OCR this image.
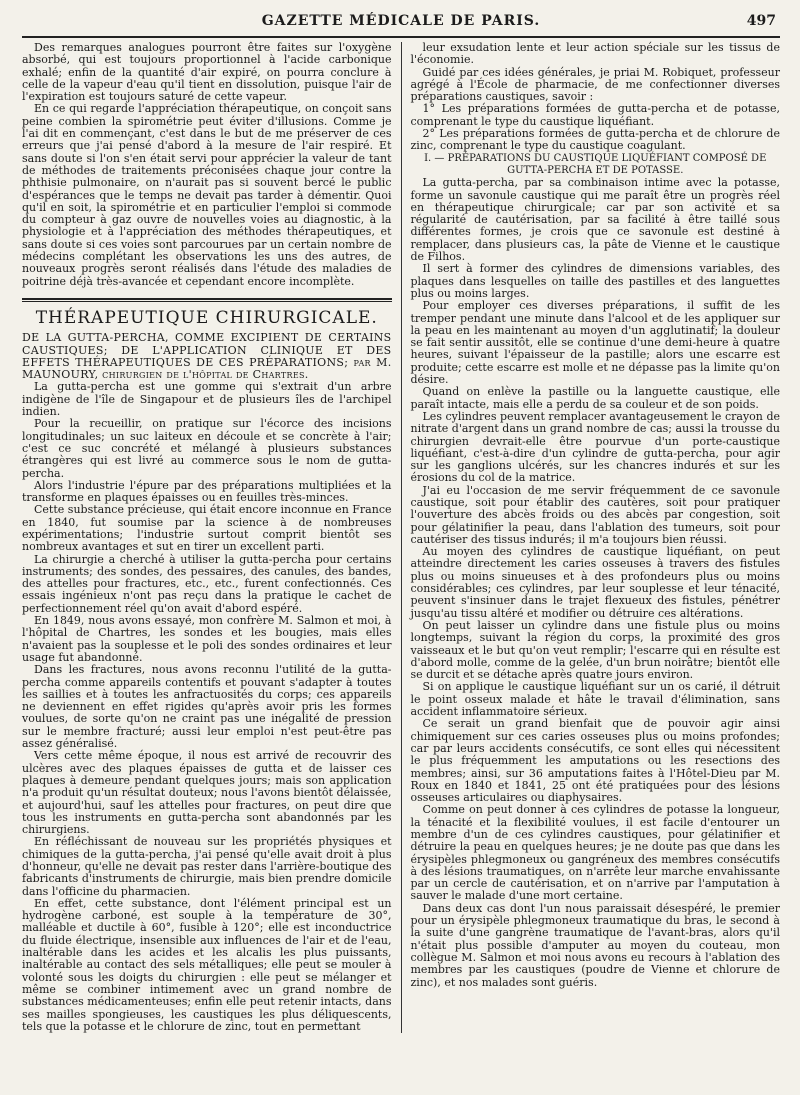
GAZETTE MÉDICALE DE PARIS.	497

Des remarques analogues pourront être faites sur l'oxygène absorbé, qui est toujours proportionnel à l'acide carbonique exhalé; enfin de la quantité d'air expiré, on pourra conclure à celle de la vapeur d'eau qu'il tient en dissolution, puisque l'air de l'expiration est toujours saturé de cette vapeur.

En ce qui regarde l'appréciation thérapeutique, on conçoit sans peine combien la spirométrie peut éviter d'illusions. Comme je l'ai dit en commençant, c'est dans le but de me préserver de ces erreurs que j'ai pensé d'abord à la mesure de l'air respiré. Et sans doute si l'on s'en était servi pour apprécier la valeur de tant de méthodes de traitements préconisées chaque jour contre la phthisie pulmonaire, on n'aurait pas si souvent bercé le public d'espérances que le temps ne devait pas tarder à démentir. Quoi qu'il en soit, la spirométrie et en particulier l'emploi si commode du compteur à gaz ouvre de nouvelles voies au diagnostic, à la physiologie et à l'appréciation des méthodes thérapeutiques, et sans doute si ces voies sont parcourues par un certain nombre de médecins complétant les observations les uns des autres, de nouveaux progrès seront réalisés dans l'étude des maladies de poitrine déjà très-avancée et cependant encore incomplète.

THÉRAPEUTIQUE CHIRURGICALE.

DE LA GUTTA-PERCHA, COMME EXCIPIENT DE CERTAINS CAUSTIQUES; DE L'APPLICATION CLINIQUE ET DES EFFETS THÉRAPEUTIQUES DE CES PRÉPARATIONS; par M. MAUNOURY, chirurgien de l'hôpital de Chartres.

La gutta-percha est une gomme qui s'extrait d'un arbre indigène de l'île de Singapour et de plusieurs îles de l'archipel indien.

Pour la recueillir, on pratique sur l'écorce des incisions longitudinales; un suc laiteux en découle et se concrète à l'air; c'est ce suc concrété et mélangé à plusieurs substances étrangères qui est livré au commerce sous le nom de gutta-percha.

Alors l'industrie l'épure par des préparations multipliées et la transforme en plaques épaisses ou en feuilles très-minces.

Cette substance précieuse, qui était encore inconnue en France en 1840, fut soumise par la science à de nombreuses expérimentations; l'industrie surtout comprit bientôt ses nombreux avantages et sut en tirer un excellent parti.

La chirurgie a cherché à utiliser la gutta-percha pour certains instruments; des sondes, des pessaires, des canules, des bandes, des attelles pour fractures, etc., etc., furent confectionnés. Ces essais ingénieux n'ont pas reçu dans la pratique le cachet de perfectionnement réel qu'on avait d'abord espéré.

En 1849, nous avons essayé, mon confrère M. Salmon et moi, à l'hôpital de Chartres, les sondes et les bougies, mais elles n'avaient pas la souplesse et le poli des sondes ordinaires et leur usage fut abandonné.

Dans les fractures, nous avons reconnu l'utilité de la gutta-percha comme appareils contentifs et pouvant s'adapter à toutes les saillies et à toutes les anfractuosités du corps; ces appareils ne deviennent en effet rigides qu'après avoir pris les formes voulues, de sorte qu'on ne craint pas une inégalité de pression sur le membre fracturé; aussi leur emploi n'est peut-être pas assez généralisé.

Vers cette même époque, il nous est arrivé de recouvrir des ulcères avec des plaques épaisses de gutta et de laisser ces plaques à demeure pendant quelques jours; mais son application n'a produit qu'un résultat douteux; nous l'avons bientôt délaissée, et aujourd'hui, sauf les attelles pour fractures, on peut dire que tous les instruments en gutta-percha sont abandonnés par les chirurgiens.

En réfléchissant de nouveau sur les propriétés physiques et chimiques de la gutta-percha, j'ai pensé qu'elle avait droit à plus d'honneur, qu'elle ne devait pas rester dans l'arrière-boutique des fabricants d'instruments de chirurgie, mais bien prendre domicile dans l'officine du pharmacien.

En effet, cette substance, dont l'élément principal est un hydrogène carboné, est souple à la température de 30°, malléable et ductile à 60°, fusible à 120°; elle est inconductrice du fluide électrique, insensible aux influences de l'air et de l'eau, inaltérable dans les acides et les alcalis les plus puissants, inaltérable au contact des sels métalliques; elle peut se mouler à volonté sous les doigts du chirurgien : elle peut se mélanger et même se combiner intimement avec un grand nombre de substances médicamenteuses; enfin elle peut retenir intacts, dans ses mailles spongieuses, les caustiques les plus déliquescents, tels que la potasse et le chlorure de zinc, tout en permettant

leur exsudation lente et leur action spéciale sur les tissus de l'économie.

Guidé par ces idées générales, je priai M. Robiquet, professeur agrégé à l'École de pharmacie, de me confectionner diverses préparations caustiques, savoir :

1° Les préparations formées de gutta-percha et de potasse, comprenant le type du caustique liquéfiant.

2° Les préparations formées de gutta-percha et de chlorure de zinc, comprenant le type du caustique coagulant.

I. — PRÉPARATIONS DU CAUSTIQUE LIQUÉFIANT COMPOSÉ DE GUTTA-PERCHA ET DE POTASSE.

La gutta-percha, par sa combinaison intime avec la potasse, forme un savonule caustique qui me paraît être un progrès réel en thérapeutique chirurgicale; car par son activité et sa régularité de cautérisation, par sa facilité à être taillé sous différentes formes, je crois que ce savonule est destiné à remplacer, dans plusieurs cas, la pâte de Vienne et le caustique de Filhos.

Il sert à former des cylindres de dimensions variables, des plaques dans lesquelles on taille des pastilles et des languettes plus ou moins larges.

Pour employer ces diverses préparations, il suffit de les tremper pendant une minute dans l'alcool et de les appliquer sur la peau en les maintenant au moyen d'un agglutinatif; la douleur se fait sentir aussitôt, elle se continue d'une demi-heure à quatre heures, suivant l'épaisseur de la pastille; alors une escarre est produite; cette escarre est molle et ne dépasse pas la limite qu'on désire.

Quand on enlève la pastille ou la languette caustique, elle paraît intacte, mais elle a perdu de sa couleur et de son poids.

Les cylindres peuvent remplacer avantageusement le crayon de nitrate d'argent dans un grand nombre de cas; aussi la trousse du chirurgien devrait-elle être pourvue d'un porte-caustique liquéfiant, c'est-à-dire d'un cylindre de gutta-percha, pour agir sur les ganglions ulcérés, sur les chancres indurés et sur les érosions du col de la matrice.

J'ai eu l'occasion de me servir fréquemment de ce savonule caustique, soit pour établir des cautères, soit pour pratiquer l'ouverture des abcès froids ou des abcès par congestion, soit pour gélatinifier la peau, dans l'ablation des tumeurs, soit pour cautériser des tissus indurés; il m'a toujours bien réussi.

Au moyen des cylindres de caustique liquéfiant, on peut atteindre directement les caries osseuses à travers des fistules plus ou moins sinueuses et à des profondeurs plus ou moins considérables; ces cylindres, par leur souplesse et leur ténacité, peuvent s'insinuer dans le trajet flexueux des fistules, pénétrer jusqu'au tissu altéré et modifier ou détruire ces altérations.

On peut laisser un cylindre dans une fistule plus ou moins longtemps, suivant la région du corps, la proximité des gros vaisseaux et le but qu'on veut remplir; l'escarre qui en résulte est d'abord molle, comme de la gelée, d'un brun noirâtre; bientôt elle se durcit et se détache après quatre jours environ.

Si on applique le caustique liquéfiant sur un os carié, il détruit le point osseux malade et hâte le travail d'élimination, sans accident inflammatoire sérieux.

Ce serait un grand bienfait que de pouvoir agir ainsi chimiquement sur ces caries osseuses plus ou moins profondes; car par leurs accidents consécutifs, ce sont elles qui nécessitent le plus fréquemment les amputations ou les resections des membres; ainsi, sur 36 amputations faites à l'Hôtel-Dieu par M. Roux en 1840 et 1841, 25 ont été pratiquées pour des lésions osseuses articulaires ou diaphysaires.

Comme on peut donner à ces cylindres de potasse la longueur, la ténacité et la flexibilité voulues, il est facile d'entourer un membre d'un de ces cylindres caustiques, pour gélatinifier et détruire la peau en quelques heures; je ne doute pas que dans les érysipèles phlegmoneux ou gangréneux des membres consécutifs à des lésions traumatiques, on n'arrête leur marche envahissante par un cercle de cautérisation, et on n'arrive par l'amputation à sauver le malade d'une mort certaine.

Dans deux cas dont l'un nous paraissait désespéré, le premier pour un érysipèle phlegmoneux traumatique du bras, le second à la suite d'une gangrène traumatique de l'avant-bras, alors qu'il n'était plus possible d'amputer au moyen du couteau, mon collègue M. Salmon et moi nous avons eu recours à l'ablation des membres par les caustiques (poudre de Vienne et chlorure de zinc), et nos malades sont guéris.
